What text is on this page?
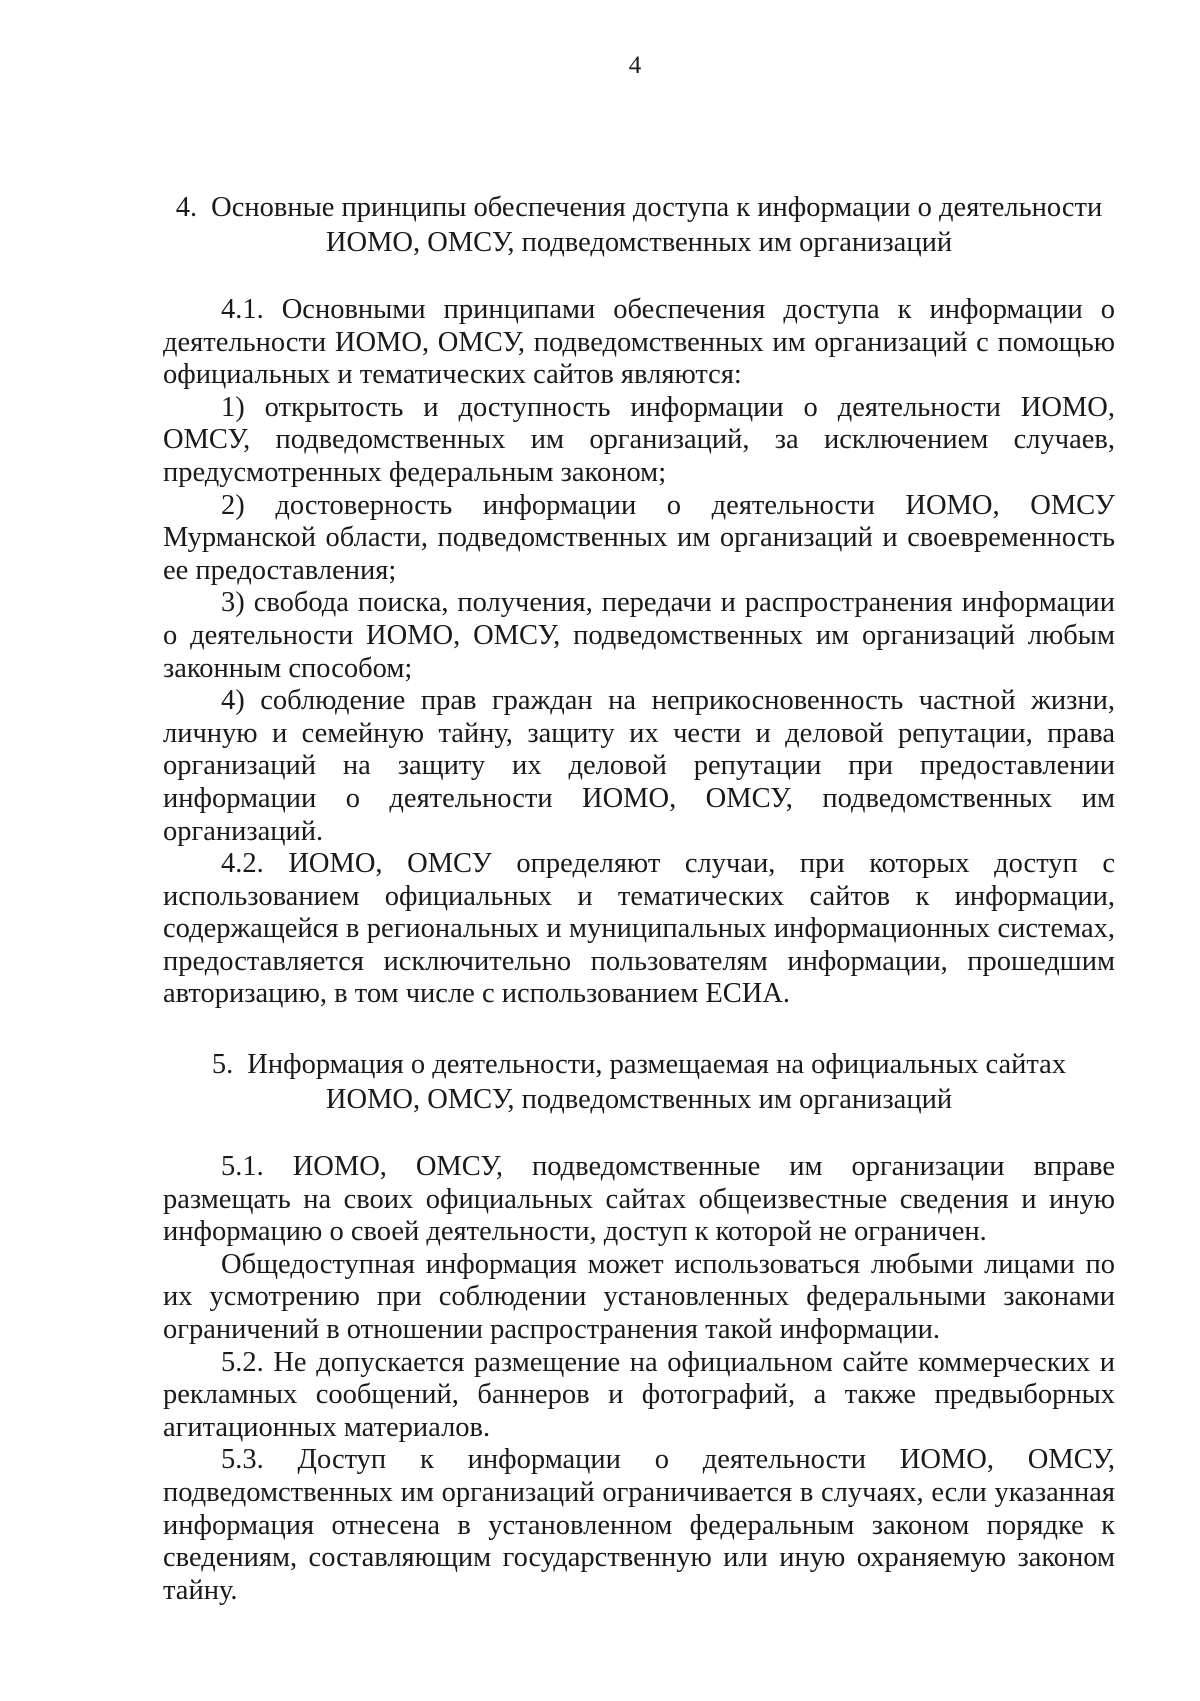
4
4. Основные принципы обеспечения доступа к информации о деятельности
ИОМО, ОМСУ, подведомственных им организаций

4.1. Основными принципами обеспечения доступа к информации о деятельности ИОМО, ОМСУ, подведомственных им организаций с помощью официальных и тематических сайтов являются:

1) открытость и доступность информации о деятельности ИОМО, ОМСУ, подведомственных им организаций, за исключением случаев, предусмотренных федеральным законом;

2) достоверность информации о деятельности ИОМО, ОМСУ Мурманской области, подведомственных им организаций и своевременность ее предоставления;

3) свобода поиска, получения, передачи и распространения информации о деятельности ИОМО, ОМСУ, подведомственных им организаций любым законным способом;

4) соблюдение прав граждан на неприкосновенность частной жизни, личную и семейную тайну, защиту их чести и деловой репутации, права организаций на защиту их деловой репутации при предоставлении информации о деятельности ИОМО, ОМСУ, подведомственных им организаций.

4.2. ИОМО, ОМСУ определяют случаи, при которых доступ с использованием официальных и тематических сайтов к информации, содержащейся в региональных и муниципальных информационных системах, предоставляется исключительно пользователям информации, прошедшим авторизацию, в том числе с использованием ЕСИА.

5. Информация о деятельности, размещаемая на официальных сайтах
ИОМО, ОМСУ, подведомственных им организаций

5.1. ИОМО, ОМСУ, подведомственные им организации вправе размещать на своих официальных сайтах общеизвестные сведения и иную информацию о своей деятельности, доступ к которой не ограничен.

Общедоступная информация может использоваться любыми лицами по их усмотрению при соблюдении установленных федеральными законами ограничений в отношении распространения такой информации.

5.2. Не допускается размещение на официальном сайте коммерческих и рекламных сообщений, баннеров и фотографий, а также предвыборных агитационных материалов.

5.3. Доступ к информации о деятельности ИОМО, ОМСУ, подведомственных им организаций ограничивается в случаях, если указанная информация отнесена в установленном федеральным законом порядке к сведениям, составляющим государственную или иную охраняемую законом тайну.
